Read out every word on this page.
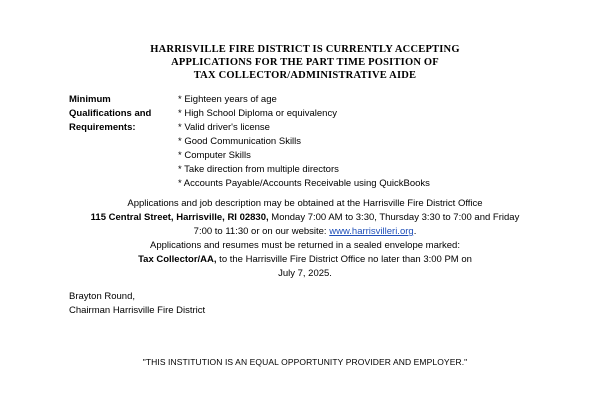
HARRISVILLE FIRE DISTRICT IS CURRENTLY ACCEPTING
APPLICATIONS FOR THE PART TIME POSITION OF
TAX COLLECTOR/ADMINISTRATIVE AIDE
Minimum
Qualifications and
Requirements:
* Eighteen years of age
* High School Diploma or equivalency
* Valid driver's license
* Good Communication Skills
* Computer Skills
* Take direction from multiple directors
* Accounts Payable/Accounts Receivable using QuickBooks
Applications and job description may be obtained at the Harrisville Fire District Office
115 Central Street, Harrisville, RI 02830, Monday 7:00 AM to 3:30, Thursday 3:30 to 7:00 and Friday
7:00 to 11:30 or on our website: www.harrisvilleri.org.
Applications and resumes must be returned in a sealed envelope marked:
Tax Collector/AA, to the Harrisville Fire District Office no later than 3:00 PM on
July 7, 2025.
Brayton Round,
Chairman Harrisville Fire District
"THIS INSTITUTION IS AN EQUAL OPPORTUNITY PROVIDER AND EMPLOYER."
